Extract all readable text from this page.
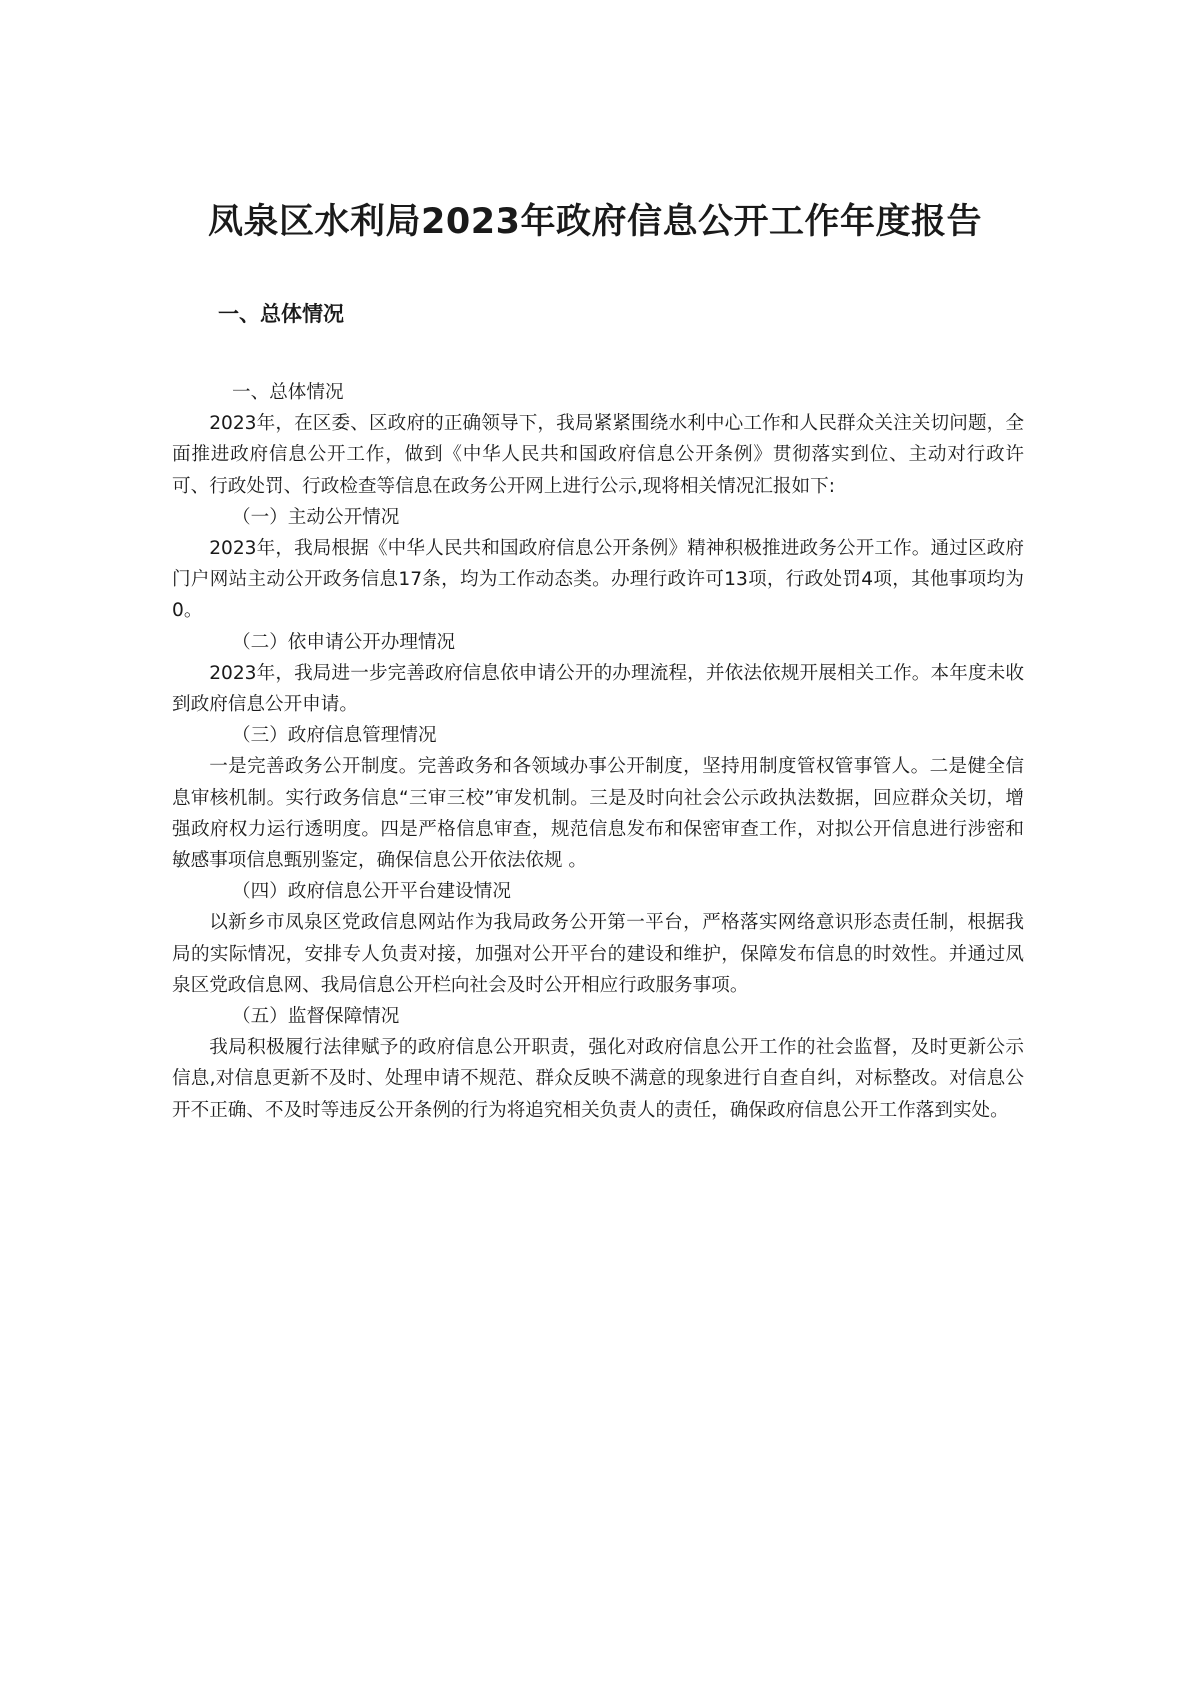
凤泉区水利局2023年政府信息公开工作年度报告
一、总体情况

一、总体情况

2023年，在区委、区政府的正确领导下，我局紧紧围绕水利中心工作和人民群众关注关切问题，全面推进政府信息公开工作，做到《中华人民共和国政府信息公开条例》贯彻落实到位、主动对行政许可、行政处罚、行政检查等信息在政务公开网上进行公示,现将相关情况汇报如下:

（一）主动公开情况

2023年，我局根据《中华人民共和国政府信息公开条例》精神积极推进政务公开工作。通过区政府门户网站主动公开政务信息17条，均为工作动态类。办理行政许可13项，行政处罚4项，其他事项均为0。

（二）依申请公开办理情况

2023年，我局进一步完善政府信息依申请公开的办理流程，并依法依规开展相关工作。本年度未收到政府信息公开申请。

（三）政府信息管理情况

一是完善政务公开制度。完善政务和各领域办事公开制度，坚持用制度管权管事管人。二是健全信息审核机制。实行政务信息“三审三校”审发机制。三是及时向社会公示政执法数据，回应群众关切，增强政府权力运行透明度。四是严格信息审查，规范信息发布和保密审查工作，对拟公开信息进行涉密和敏感事项信息甄别鉴定，确保信息公开依法依规 。

（四）政府信息公开平台建设情况

以新乡市凤泉区党政信息网站作为我局政务公开第一平台，严格落实网络意识形态责任制，根据我局的实际情况，安排专人负责对接，加强对公开平台的建设和维护，保障发布信息的时效性。并通过凤泉区党政信息网、我局信息公开栏向社会及时公开相应行政服务事项。

（五）监督保障情况

我局积极履行法律赋予的政府信息公开职责，强化对政府信息公开工作的社会监督，及时更新公示信息,对信息更新不及时、处理申请不规范、群众反映不满意的现象进行自查自纠，对标整改。对信息公开不正确、不及时等违反公开条例的行为将追究相关负责人的责任，确保政府信息公开工作落到实处。
